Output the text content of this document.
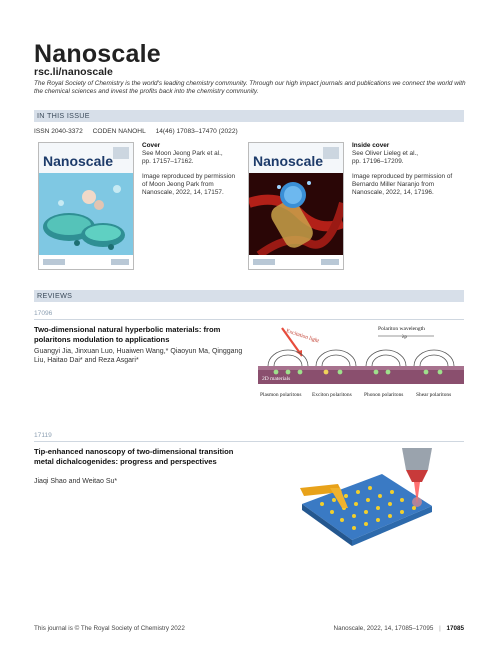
Nanoscale
rsc.li/nanoscale
The Royal Society of Chemistry is the world's leading chemistry community. Through our high impact journals and publications we connect the world with the chemical sciences and invest the profits back into the chemistry community.
IN THIS ISSUE
ISSN 2040-3372 CODEN NANOHL 14(46) 17083–17470 (2022)
Nanoscale
Cover
See Moon Jeong Park et al.,
pp. 17157–17162.
Image reproduced by permission of Moon Jeong Park from Nanoscale, 2022, 14, 17157.
Nanoscale
Inside cover
See Oliver Lieleg et al.,
pp. 17196–17209.
Image reproduced by permission of Bernardo Miller Naranjo from Nanoscale, 2022, 14, 17196.
REVIEWS
17096
Two-dimensional natural hyperbolic materials: from polaritons modulation to applications
Guangyi Jia, Jinxuan Luo, Huaiwen Wang,* Qiaoyun Ma, Qinggang Liu, Haitao Dai* and Reza Asgari*
Excitation light	Polariton wavelength
λp
2D materials
Plasmon polaritons Exciton polaritons Phonon polaritons Shear polaritons
17119
Tip-enhanced nanoscopy of two-dimensional transition metal dichalcogenides: progress and perspectives
Jiaqi Shao and Weitao Su*
This journal is © The Royal Society of Chemistry 2022	Nanoscale, 2022, 14, 17085–17095 | 17085
